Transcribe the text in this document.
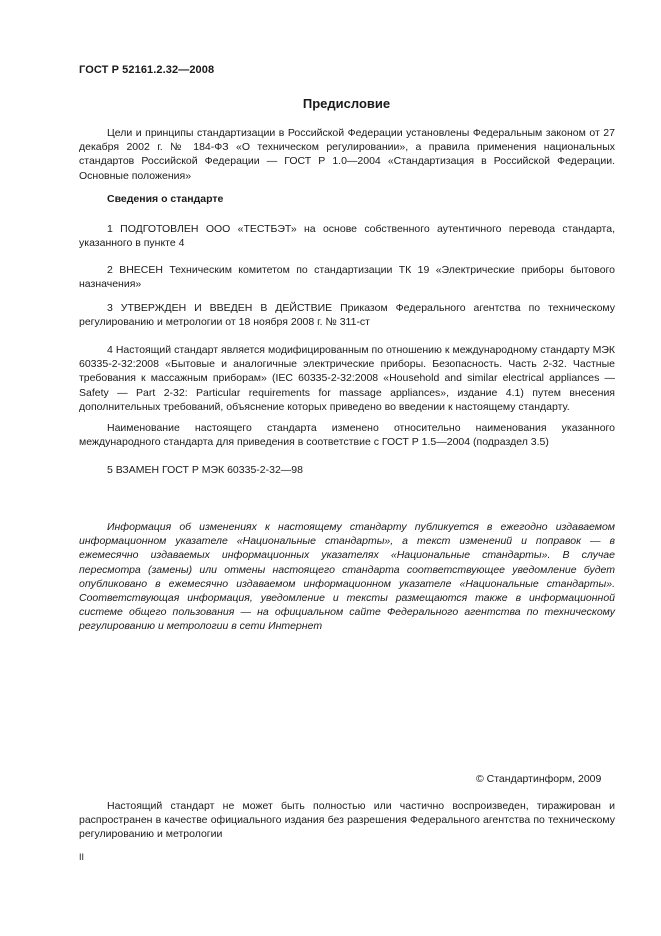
ГОСТ Р 52161.2.32—2008
Предисловие

Цели и принципы стандартизации в Российской Федерации установлены Федеральным законом от 27 декабря 2002 г. № 184-ФЗ «О техническом регулировании», а правила применения национальных стандартов Российской Федерации — ГОСТ Р 1.0—2004 «Стандартизация в Российской Федерации. Основные положения»

Сведения о стандарте

1 ПОДГОТОВЛЕН ООО «ТЕСТБЭТ» на основе собственного аутентичного перевода стандарта, указанного в пункте 4

2 ВНЕСЕН Техническим комитетом по стандартизации ТК 19 «Электрические приборы бытового назначения»

3 УТВЕРЖДЕН И ВВЕДЕН В ДЕЙСТВИЕ Приказом Федерального агентства по техническому регулированию и метрологии от 18 ноября 2008 г. № 311-ст

4 Настоящий стандарт является модифицированным по отношению к международному стандарту МЭК 60335-2-32:2008 «Бытовые и аналогичные электрические приборы. Безопасность. Часть 2-32. Частные требования к массажным приборам» (IEC 60335-2-32:2008 «Household and similar electrical appliances — Safety — Part 2-32: Particular requirements for massage appliances», издание 4.1) путем внесения дополнительных требований, объяснение которых приведено во введении к настоящему стандарту.

Наименование настоящего стандарта изменено относительно наименования указанного международного стандарта для приведения в соответствие с ГОСТ Р 1.5—2004 (подраздел 3.5)

5 ВЗАМЕН ГОСТ Р МЭК 60335-2-32—98

Информация об изменениях к настоящему стандарту публикуется в ежегодно издаваемом информационном указателе «Национальные стандарты», а текст изменений и поправок — в ежемесячно издаваемых информационных указателях «Национальные стандарты». В случае пересмотра (замены) или отмены настоящего стандарта соответствующее уведомление будет опубликовано в ежемесячно издаваемом информационном указателе «Национальные стандарты». Соответствующая информация, уведомление и тексты размещаются также в информационной системе общего пользования — на официальном сайте Федерального агентства по техническому регулированию и метрологии в сети Интернет

© Стандартинформ, 2009

Настоящий стандарт не может быть полностью или частично воспроизведен, тиражирован и распространен в качестве официального издания без разрешения Федерального агентства по техническому регулированию и метрологии

II
